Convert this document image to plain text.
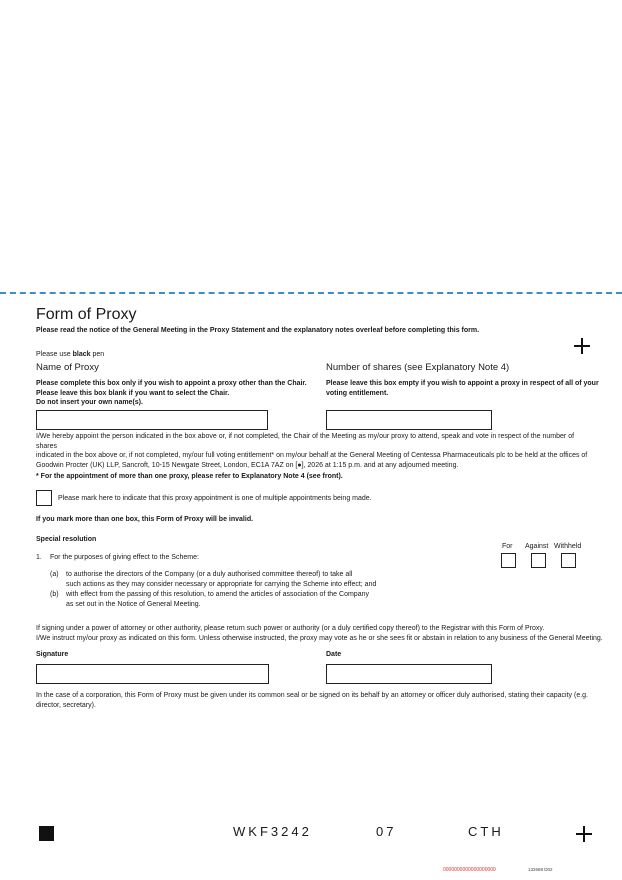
Form of Proxy
Please read the notice of the General Meeting in the Proxy Statement and the explanatory notes overleaf before completing this form.
Please use black pen
Name of Proxy
Please complete this box only if you wish to appoint a proxy other than the Chair.
Please leave this box blank if you want to select the Chair.
Do not insert your own name(s).
Number of shares (see Explanatory Note 4)
Please leave this box empty if you wish to appoint a proxy in respect of all of your
voting entitlement.
I/We hereby appoint the person indicated in the box above or, if not completed, the Chair of the Meeting as my/our proxy to attend, speak and vote in respect of the number of shares
indicated in the box above or, if not completed, my/our full voting entitlement* on my/our behalf at the General Meeting of Centessa Pharmaceuticals plc to be held at the offices of
Goodwin Procter (UK) LLP, Sancroft, 10-15 Newgate Street, London, EC1A 7AZ on [●], 2026 at 1:15 p.m. and at any adjourned meeting.
* For the appointment of more than one proxy, please refer to Explanatory Note 4 (see front).
Please mark here to indicate that this proxy appointment is one of multiple appointments being made.
If you mark more than one box, this Form of Proxy will be invalid.
Special resolution
For Against Withheld
1. For the purposes of giving effect to the Scheme:
(a) to authorise the directors of the Company (or a duly authorised committee thereof) to take all
such actions as they may consider necessary or appropriate for carrying the Scheme into effect; and
(b) with effect from the passing of this resolution, to amend the articles of association of the Company
as set out in the Notice of General Meeting.
If signing under a power of attorney or other authority, please return such power or authority (or a duly certified copy thereof) to the Registrar with this Form of Proxy.
I/We instruct my/our proxy as indicated on this form. Unless otherwise instructed, the proxy may vote as he or she sees fit or abstain in relation to any business of the General Meeting.
Signature	Date
In the case of a corporation, this Form of Proxy must be given under its common seal or be signed on its behalf by an attorney or officer duly authorised, stating their capacity (e.g.
director, secretary).
WKF3242	07	CTH
0000000000000000000	132688 D02
